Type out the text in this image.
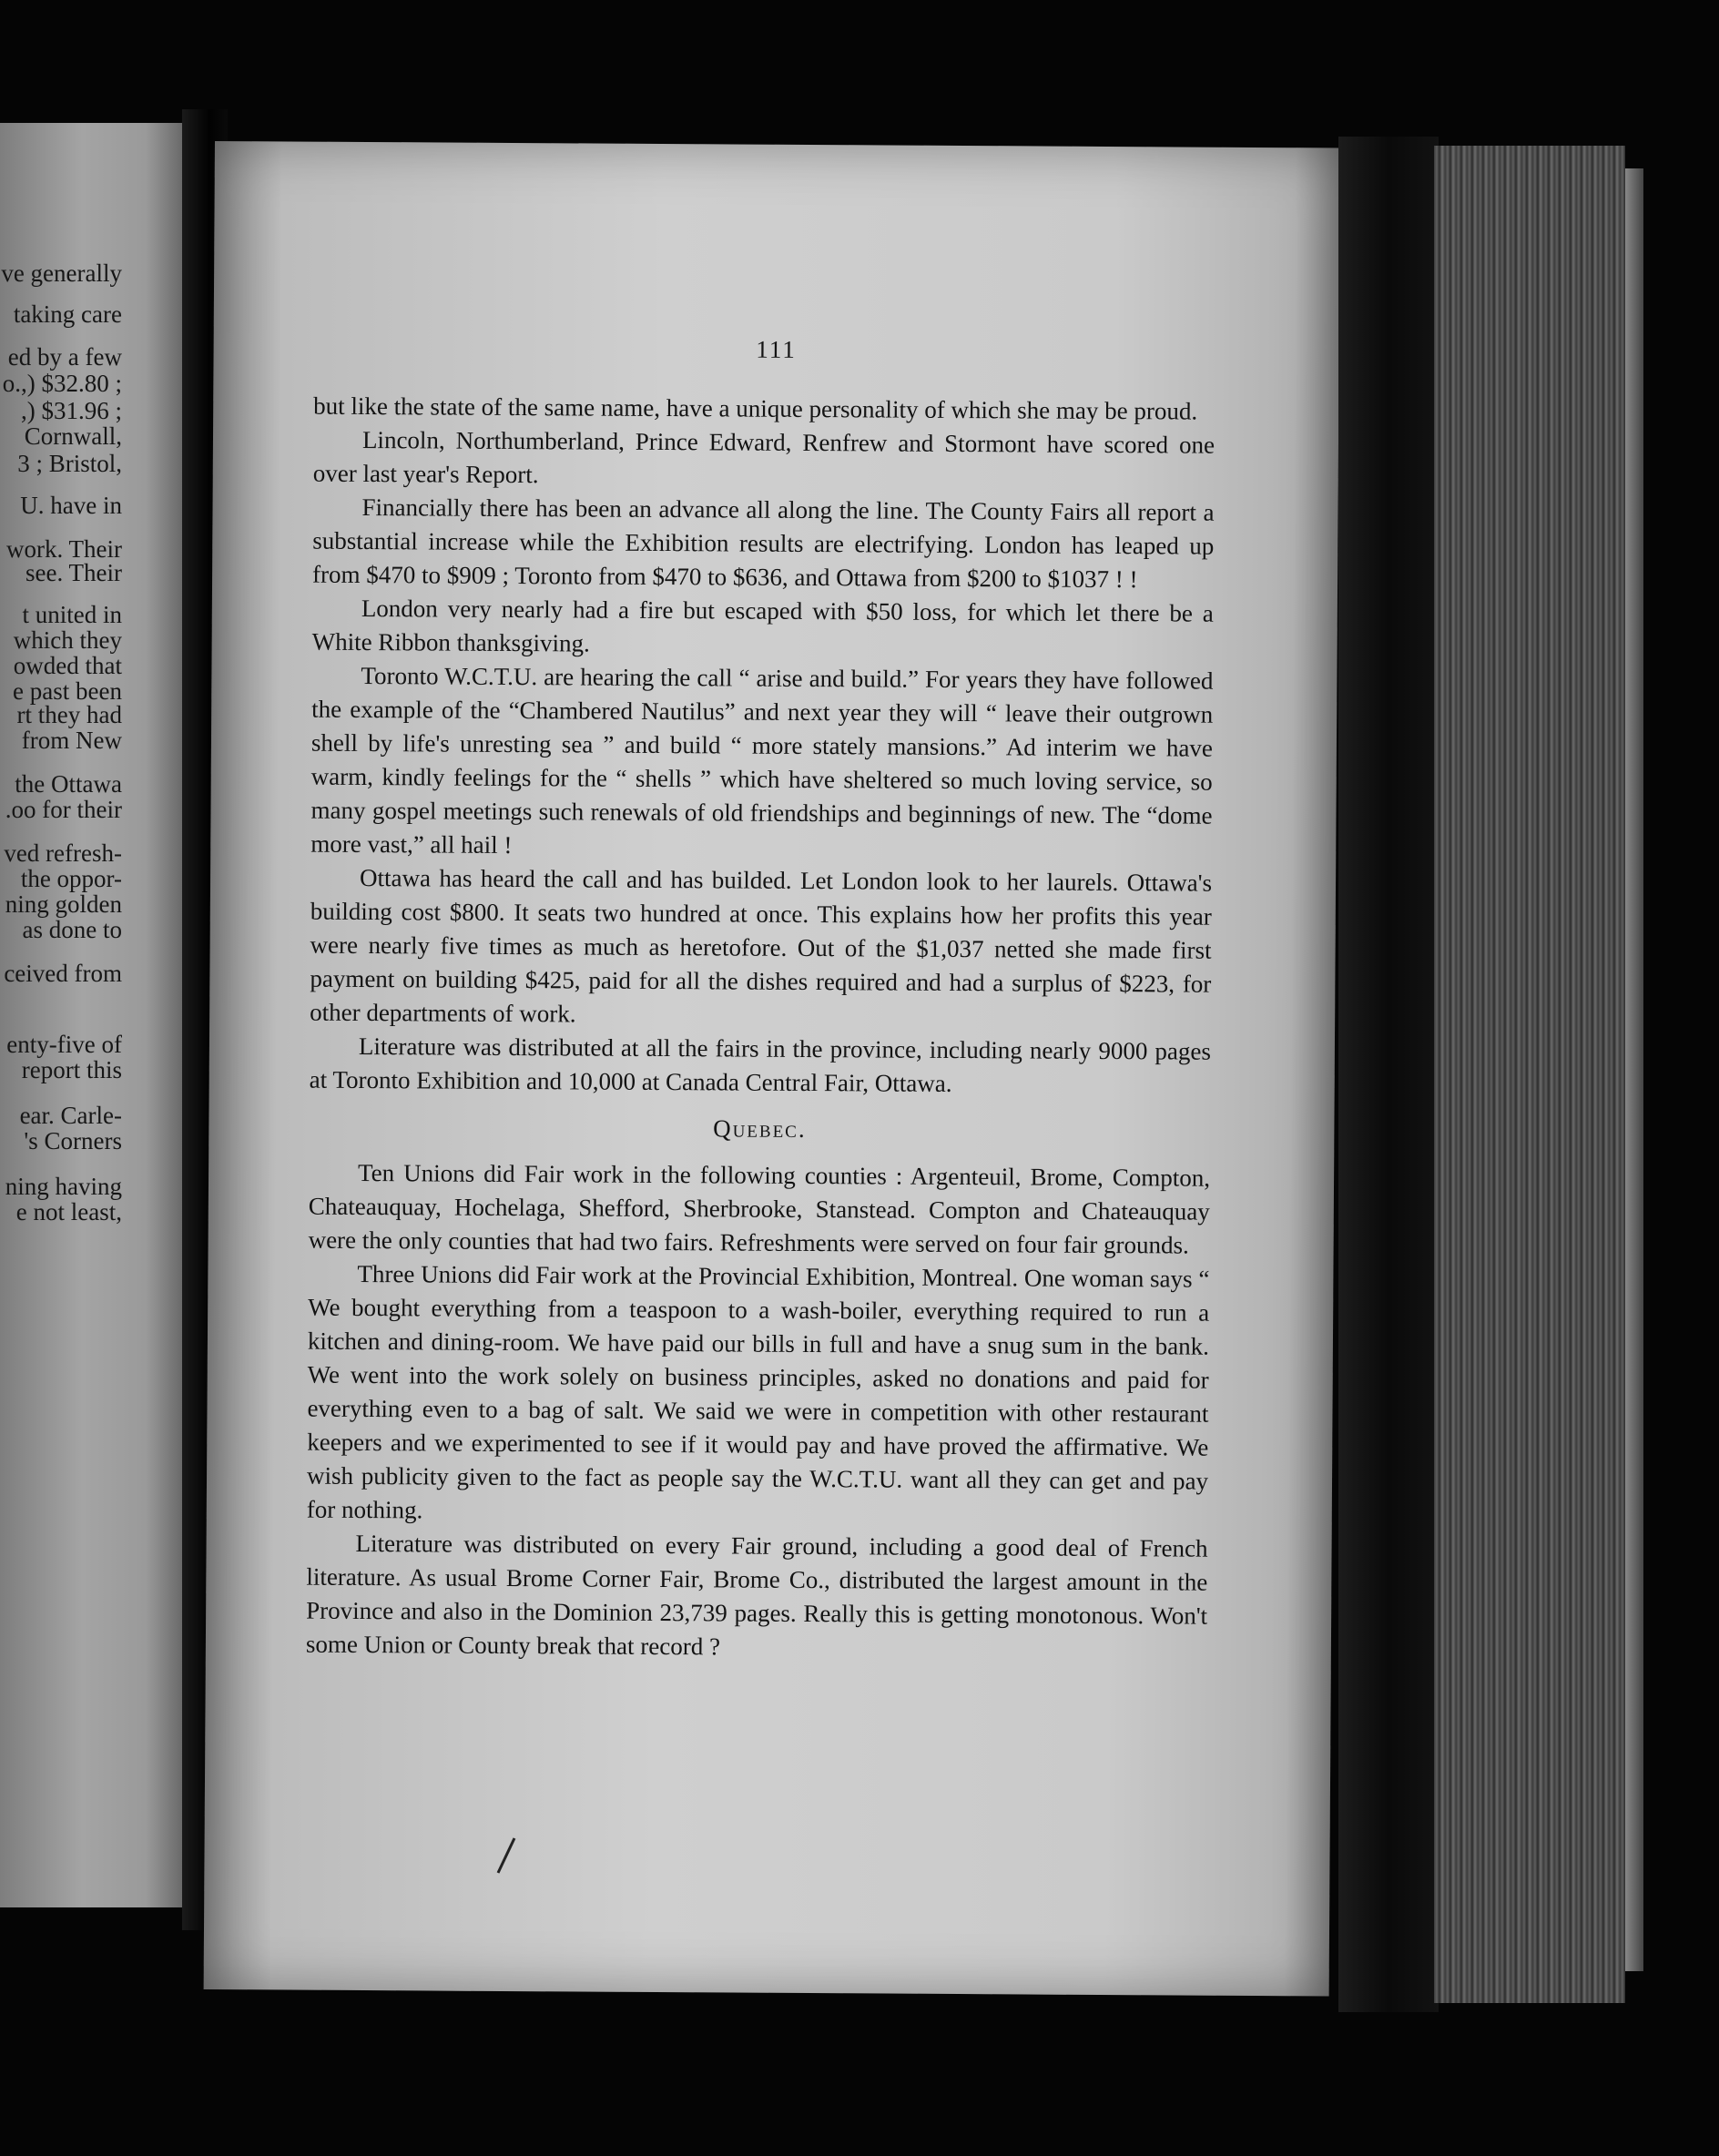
ve generally
taking care
ed by a few
o.,) $32.80 ;
,) $31.96 ;
Cornwall,
3 ; Bristol,
U. have in
work. Their
see. Their
t united in
which they
owded that
e past been
rt they had
from New
the Ottawa
.oo for their
ved refresh-
the oppor-
ning golden
as done to
ceived from
enty-five of
report this
ear. Carle-
's Corners
ning having
e not least,
111

but like the state of the same name, have a unique personality of which she may be proud.

Lincoln, Northumberland, Prince Edward, Renfrew and Stormont have scored one over last year's Report.

Financially there has been an advance all along the line. The County Fairs all report a substantial increase while the Exhibition results are electrifying. London has leaped up from $470 to $909 ; Toronto from $470 to $636, and Ottawa from $200 to $1037 ! !

London very nearly had a fire but escaped with $50 loss, for which let there be a White Ribbon thanksgiving.

Toronto W.C.T.U. are hearing the call “ arise and build.” For years they have followed the example of the “Chambered Nautilus” and next year they will “ leave their outgrown shell by life's unresting sea ” and build “ more stately mansions.” Ad interim we have warm, kindly feelings for the “ shells ” which have sheltered so much loving service, so many gospel meetings such renewals of old friendships and beginnings of new. The “dome more vast,” all hail !

Ottawa has heard the call and has builded. Let London look to her laurels. Ottawa's building cost $800. It seats two hundred at once. This explains how her profits this year were nearly five times as much as heretofore. Out of the $1,037 netted she made first payment on building $425, paid for all the dishes required and had a surplus of $223, for other departments of work.

Literature was distributed at all the fairs in the province, including nearly 9000 pages at Toronto Exhibition and 10,000 at Canada Central Fair, Ottawa.

Quebec.

Ten Unions did Fair work in the following counties : Argenteuil, Brome, Compton, Chateauquay, Hochelaga, Shefford, Sherbrooke, Stanstead. Compton and Chateauquay were the only counties that had two fairs. Refreshments were served on four fair grounds.

Three Unions did Fair work at the Provincial Exhibition, Montreal. One woman says “ We bought everything from a teaspoon to a wash-boiler, everything required to run a kitchen and dining-room. We have paid our bills in full and have a snug sum in the bank. We went into the work solely on business principles, asked no donations and paid for everything even to a bag of salt. We said we were in competition with other restaurant keepers and we experimented to see if it would pay and have proved the affirmative. We wish publicity given to the fact as people say the W.C.T.U. want all they can get and pay for nothing.

Literature was distributed on every Fair ground, including a good deal of French literature. As usual Brome Corner Fair, Brome Co., distributed the largest amount in the Province and also in the Dominion 23,739 pages. Really this is getting monotonous. Won't some Union or County break that record ?
